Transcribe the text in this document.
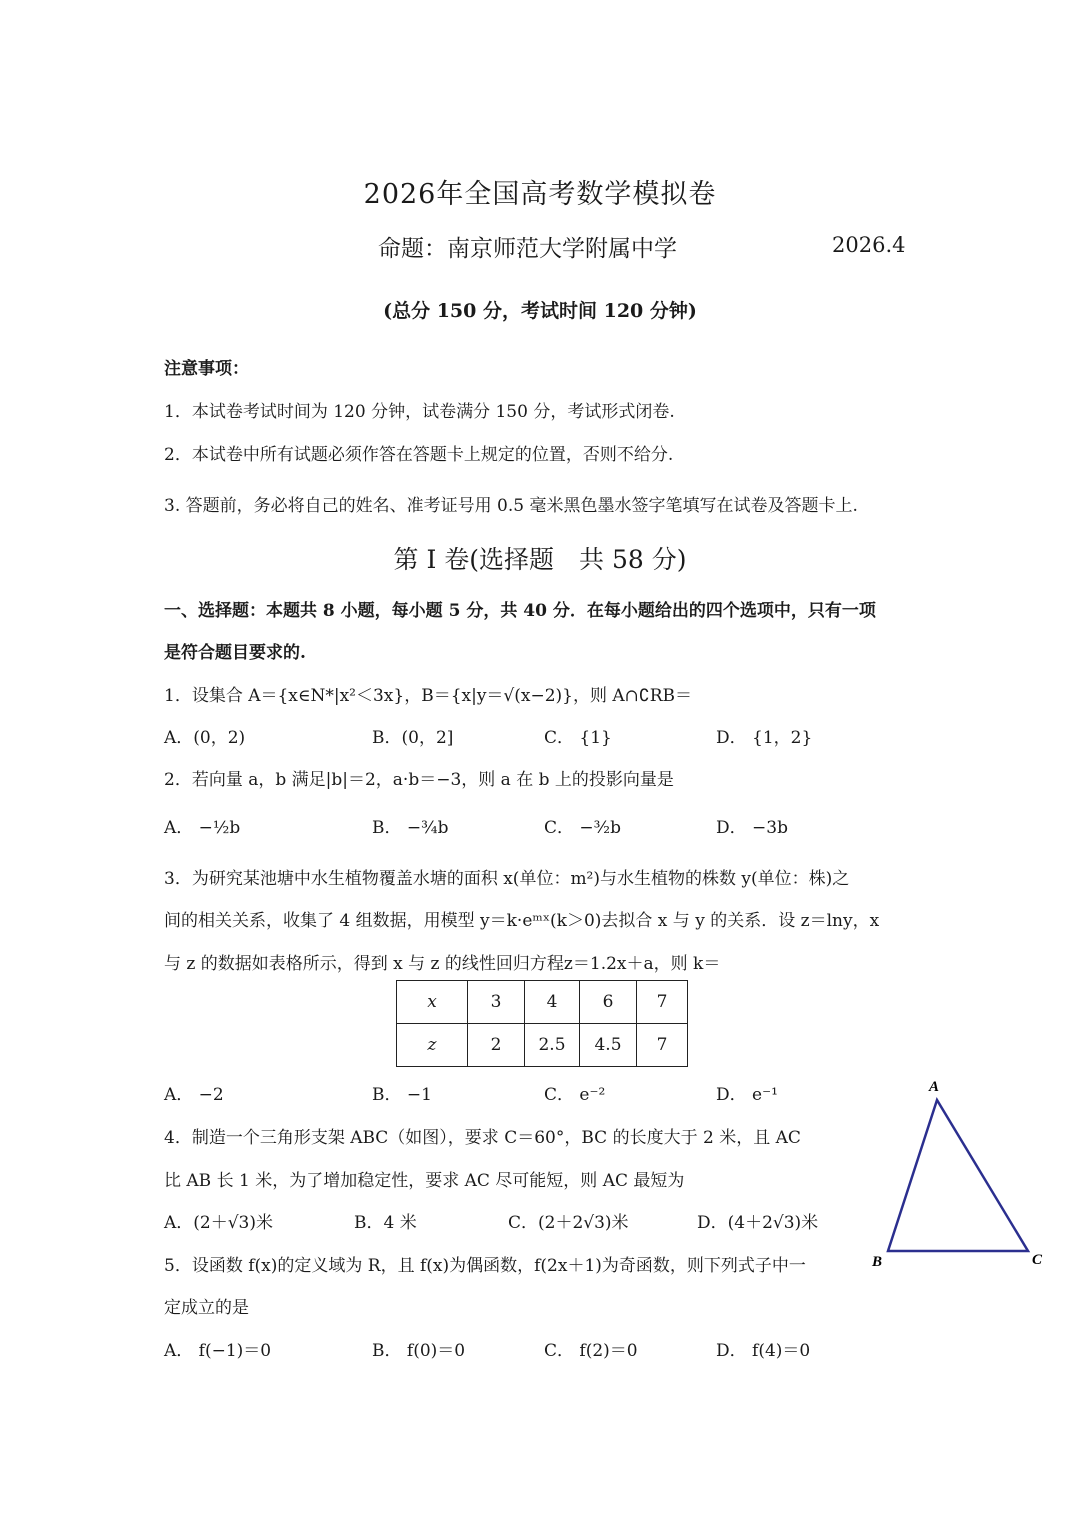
2026年全国高考数学模拟卷
命题：南京师范大学附属中学	2026.4
(总分 150 分，考试时间 120 分钟)
注意事项：
1．本试卷考试时间为 120 分钟，试卷满分 150 分，考试形式闭卷.
2．本试卷中所有试题必须作答在答题卡上规定的位置，否则不给分.
3. 答题前，务必将自己的姓名、准考证号用 0.5 毫米黑色墨水签字笔填写在试卷及答题卡上.
第 I 卷(选择题　共 58 分)
一、选择题：本题共 8 小题，每小题 5 分，共 40 分．在每小题给出的四个选项中，只有一项
是符合题目要求的.
1．设集合 A＝{x∈N*|x²＜3x}，B＝{x|y＝√(x−2)}，则 A∩∁RB＝
A．(0，2)	B．(0，2]	C． {1}	D． {1，2}
2．若向量 a，b 满足|b|＝2，a·b＝−3，则 a 在 b 上的投影向量是
A． −½b	B． −¾b	C． −³⁄₂b	D． −3b
3．为研究某池塘中水生植物覆盖水塘的面积 x(单位：m²)与水生植物的株数 y(单位：株)之
间的相关关系，收集了 4 组数据，用模型 y＝k·eᵐˣ(k＞0)去拟合 x 与 y 的关系．设 z＝lny，x
与 z 的数据如表格所示，得到 x 与 z 的线性回归方程z＝1.2x＋a，则 k＝
x	3	4	6	7
z	2	2.5	4.5	7
A． −2	B． −1	C． e⁻²	D． e⁻¹
4．制造一个三角形支架 ABC（如图），要求 C＝60°，BC 的长度大于 2 米，且 AC
比 AB 长 1 米，为了增加稳定性，要求 AC 尽可能短，则 AC 最短为
A．(2＋√3)米	B．4 米	C．(2＋2√3)米	D．(4＋2√3)米
A
B	C
5．设函数 f(x)的定义域为 R，且 f(x)为偶函数，f(2x＋1)为奇函数，则下列式子中一
定成立的是
A． f(−1)＝0	B． f(0)＝0	C． f(2)＝0	D． f(4)＝0
